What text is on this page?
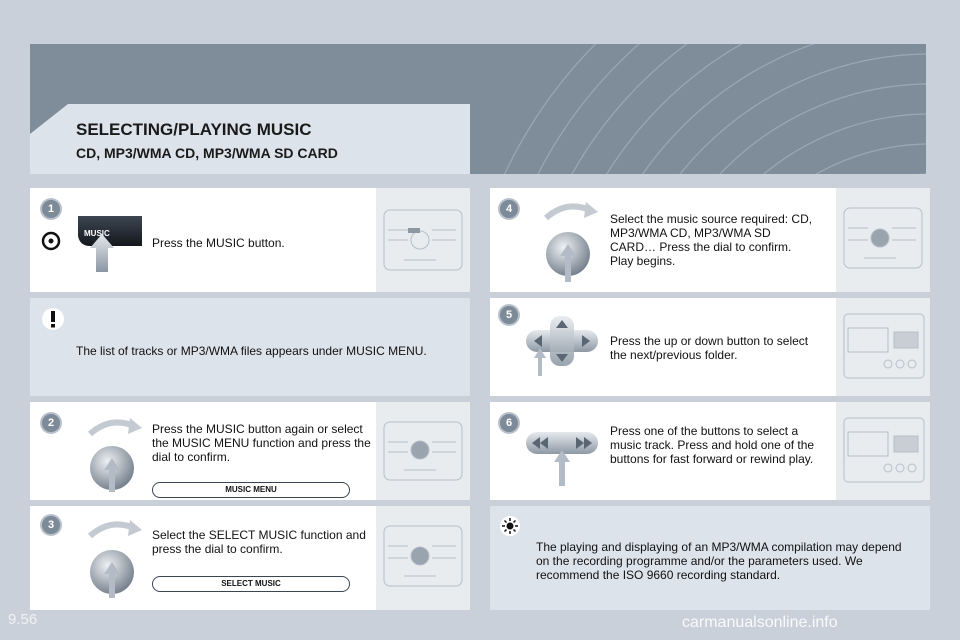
SELECTING/PLAYING MUSIC
CD, MP3/WMA CD, MP3/WMA SD CARD
1
MUSIC
Press the MUSIC button.
The list of tracks or MP3/WMA files appears under MUSIC MENU.
2	Press the MUSIC button again or select the MUSIC MENU function and press the dial to confirm.
MUSIC MENU
3
Select the SELECT MUSIC function and press the dial to confirm.
SELECT MUSIC
4
Select the music source required: CD, MP3/WMA CD, MP3/WMA SD CARD… Press the dial to confirm. Play begins.
5
Press the up or down button to select the next/previous folder.
6
Press one of the buttons to select a music track. Press and hold one of the buttons for fast forward or rewind play.
The playing and displaying of an MP3/WMA compilation may depend on the recording programme and/or the parameters used. We recommend the ISO 9660 recording standard.
9.56	carmanualsonline.info
